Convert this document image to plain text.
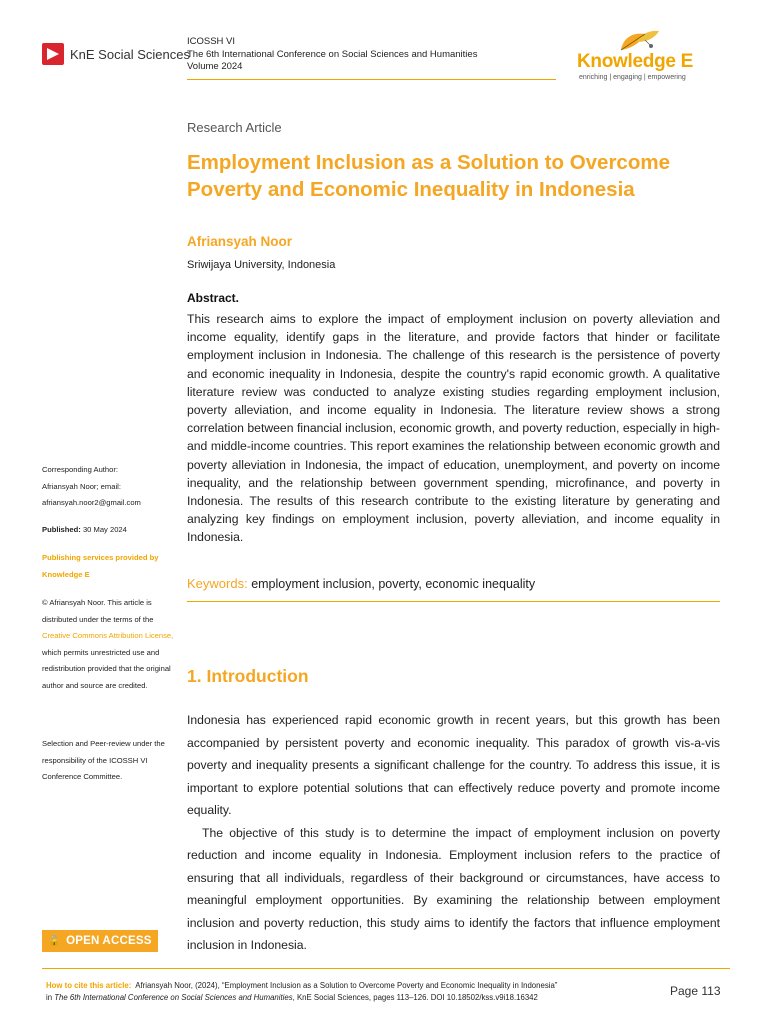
KnE Social Sciences
ICOSSH VI
The 6th International Conference on Social Sciences and Humanities
Volume 2024	Knowledge E
enriching | engaging | empowering
Research Article
Employment Inclusion as a Solution to Overcome Poverty and Economic Inequality in Indonesia
Afriansyah Noor
Sriwijaya University, Indonesia
Abstract.

This research aims to explore the impact of employment inclusion on poverty alleviation and income equality, identify gaps in the literature, and provide factors that hinder or facilitate employment inclusion in Indonesia. The challenge of this research is the persistence of poverty and economic inequality in Indonesia, despite the country's rapid economic growth. A qualitative literature review was conducted to analyze existing studies regarding employment inclusion, poverty alleviation, and income equality in Indonesia. The literature review shows a strong correlation between financial inclusion, economic growth, and poverty reduction, especially in high- and middle-income countries. This report examines the relationship between economic growth and poverty alleviation in Indonesia, the impact of education, unemployment, and poverty on income inequality, and the relationship between government spending, microfinance, and poverty in Indonesia. The results of this research contribute to the existing literature by generating and analyzing key findings on employment inclusion, poverty alleviation, and income equality in Indonesia.

Keywords: employment inclusion, poverty, economic inequality
1. Introduction

Indonesia has experienced rapid economic growth in recent years, but this growth has been accompanied by persistent poverty and economic inequality. This paradox of growth vis-a-vis poverty and inequality presents a significant challenge for the country. To address this issue, it is important to explore potential solutions that can effectively reduce poverty and promote income equality.

The objective of this study is to determine the impact of employment inclusion on poverty reduction and income equality in Indonesia. Employment inclusion refers to the practice of ensuring that all individuals, regardless of their background or circumstances, have access to meaningful employment opportunities. By examining the relationship between employment inclusion and poverty reduction, this study aims to identify the factors that influence employment inclusion in Indonesia.

Corresponding Author:
Afriansyah Noor; email:
afriansyah.noor2@gmail.com
Published: 30 May 2024
Publishing services provided by
Knowledge E
© Afriansyah Noor. This article is distributed under the terms of the Creative Commons Attribution License, which permits unrestricted use and redistribution provided that the original author and source are credited.
Selection and Peer-review under the responsibility of the ICOSSH VI Conference Committee.
🔓 OPEN ACCESS
How to cite this article: Afriansyah Noor, (2024), “Employment Inclusion as a Solution to Overcome Poverty and Economic Inequality in Indonesia”
in The 6th International Conference on Social Sciences and Humanities, KnE Social Sciences, pages 113–126. DOI 10.18502/kss.v9i18.16342	Page 113
